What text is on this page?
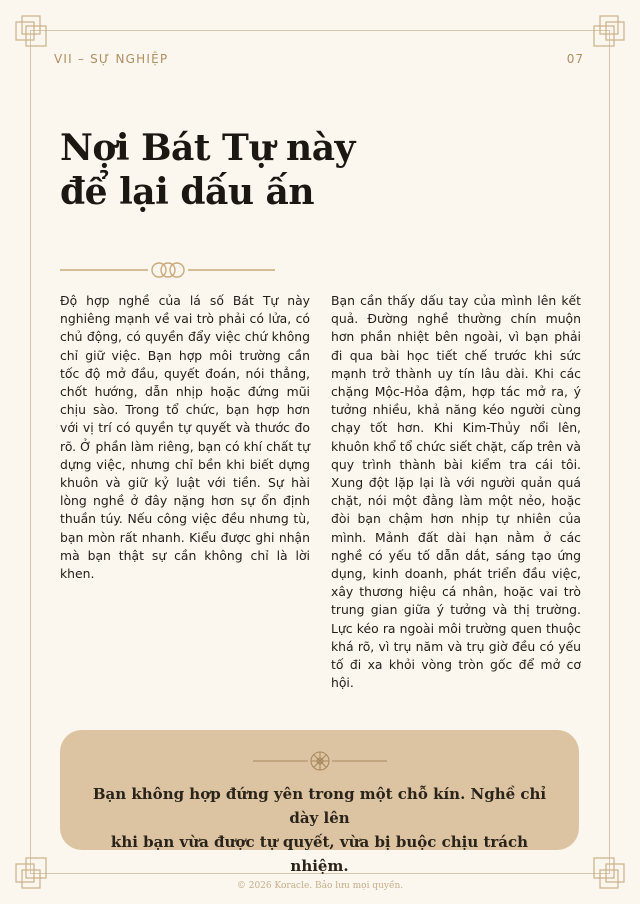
VII – SỰ NGHIỆP	07
Nợi Bát Tự này
để lại dấu ấn

Độ hợp nghề của lá số Bát Tự này nghiêng mạnh về vai trò phải có lửa, có chủ động, có quyền đẩy việc chứ không chỉ giữ việc. Bạn hợp môi trường cần tốc độ mở đầu, quyết đoán, nói thẳng, chốt hướng, dẫn nhịp hoặc đứng mũi chịu sào. Trong tổ chức, bạn hợp hơn với vị trí có quyền tự quyết và thước đo rõ. Ở phần làm riêng, bạn có khí chất tự dựng việc, nhưng chỉ bền khi biết dựng khuôn và giữ kỷ luật với tiền. Sự hài lòng nghề ở đây nặng hơn sự ổn định thuần túy. Nếu công việc đều nhưng tù, bạn mòn rất nhanh. Kiểu được ghi nhận mà bạn thật sự cần không chỉ là lời khen.

Bạn cần thấy dấu tay của mình lên kết quả. Đường nghề thường chín muộn hơn phần nhiệt bên ngoài, vì bạn phải đi qua bài học tiết chế trước khi sức mạnh trở thành uy tín lâu dài. Khi các chặng Mộc-Hỏa đậm, hợp tác mở ra, ý tưởng nhiều, khả năng kéo người cùng chạy tốt hơn. Khi Kim-Thủy nổi lên, khuôn khổ tổ chức siết chặt, cấp trên và quy trình thành bài kiểm tra cái tôi. Xung đột lặp lại là với người quản quá chặt, nói một đằng làm một nẻo, hoặc đòi bạn chậm hơn nhịp tự nhiên của mình. Mảnh đất dài hạn nằm ở các nghề có yếu tố dẫn dắt, sáng tạo ứng dụng, kinh doanh, phát triển đầu việc, xây thương hiệu cá nhân, hoặc vai trò trung gian giữa ý tưởng và thị trường. Lực kéo ra ngoài môi trường quen thuộc khá rõ, vì trụ năm và trụ giờ đều có yếu tố đi xa khỏi vòng tròn gốc để mở cơ hội.

Bạn không hợp đứng yên trong một chỗ kín. Nghề chỉ dày lên
khi bạn vừa được tự quyết, vừa bị buộc chịu trách nhiệm.
© 2026 Koracle. Bảo lưu mọi quyền.
